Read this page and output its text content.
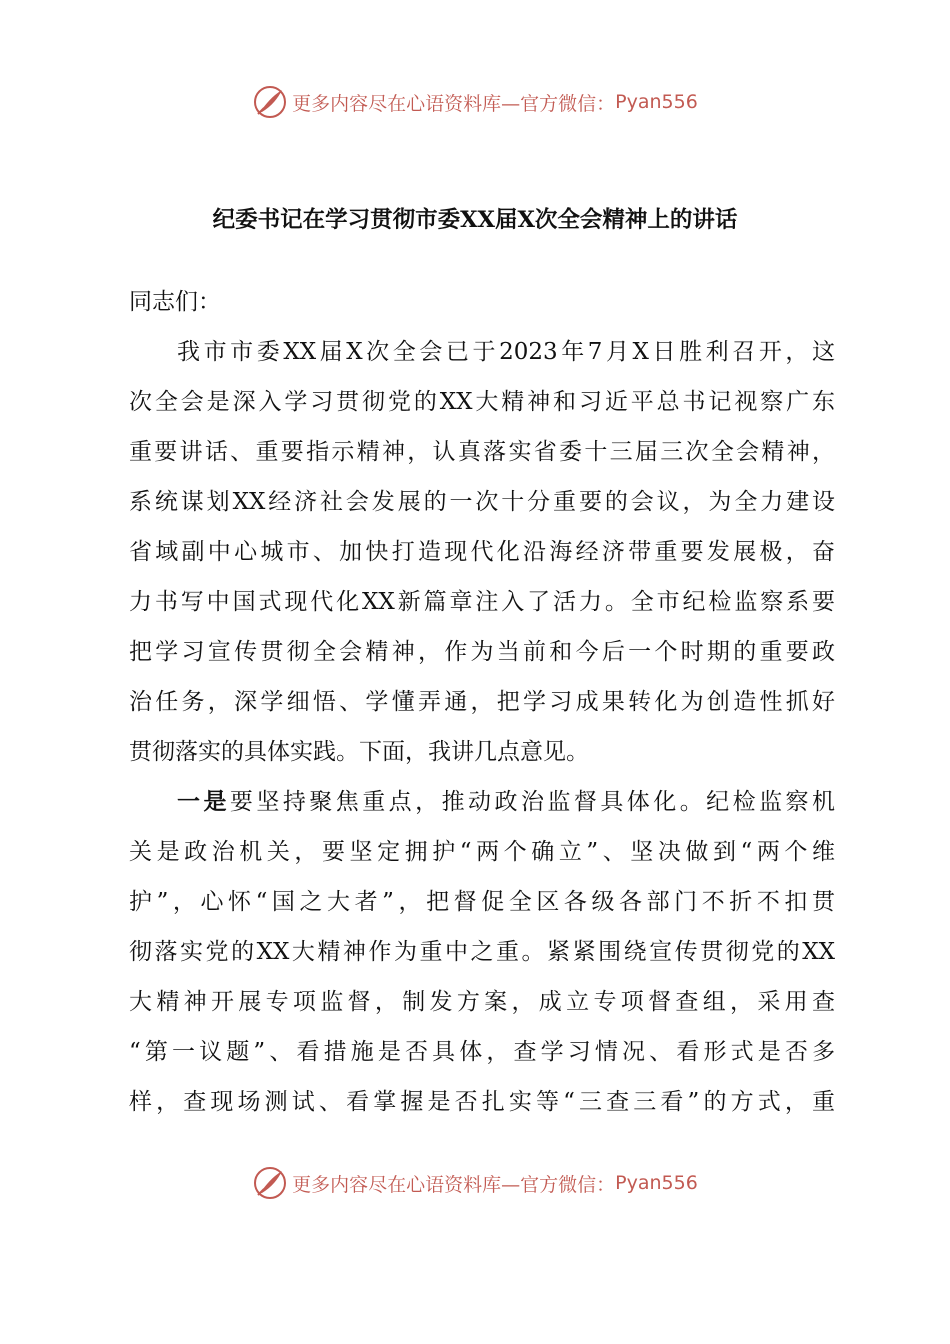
更多内容尽在心语资料库—官方微信： Pyan556
纪委书记在学习贯彻市委XX届X次全会精神上的讲话
同志们：
我市市委XX届X次全会已于2023年7月X日胜利召开，这
次全会是深入学习贯彻党的XX大精神和习近平总书记视察广东
重要讲话、重要指示精神，认真落实省委十三届三次全会精神，
系统谋划XX经济社会发展的一次十分重要的会议，为全力建设
省域副中心城市、加快打造现代化沿海经济带重要发展极，奋
力书写中国式现代化XX新篇章注入了活力。全市纪检监察系要
把学习宣传贯彻全会精神，作为当前和今后一个时期的重要政
治任务，深学细悟、学懂弄通，把学习成果转化为创造性抓好
贯彻落实的具体实践。下面，我讲几点意见。
一是要坚持聚焦重点，推动政治监督具体化。纪检监察机
关是政治机关，要坚定拥护“两个确立”、坚决做到“两个维
护”，心怀“国之大者”，把督促全区各级各部门不折不扣贯
彻落实党的XX大精神作为重中之重。紧紧围绕宣传贯彻党的XX
大精神开展专项监督，制发方案，成立专项督查组，采用查
“第一议题”、看措施是否具体，查学习情况、看形式是否多
样，查现场测试、看掌握是否扎实等“三查三看”的方式，重
更多内容尽在心语资料库—官方微信： Pyan556
